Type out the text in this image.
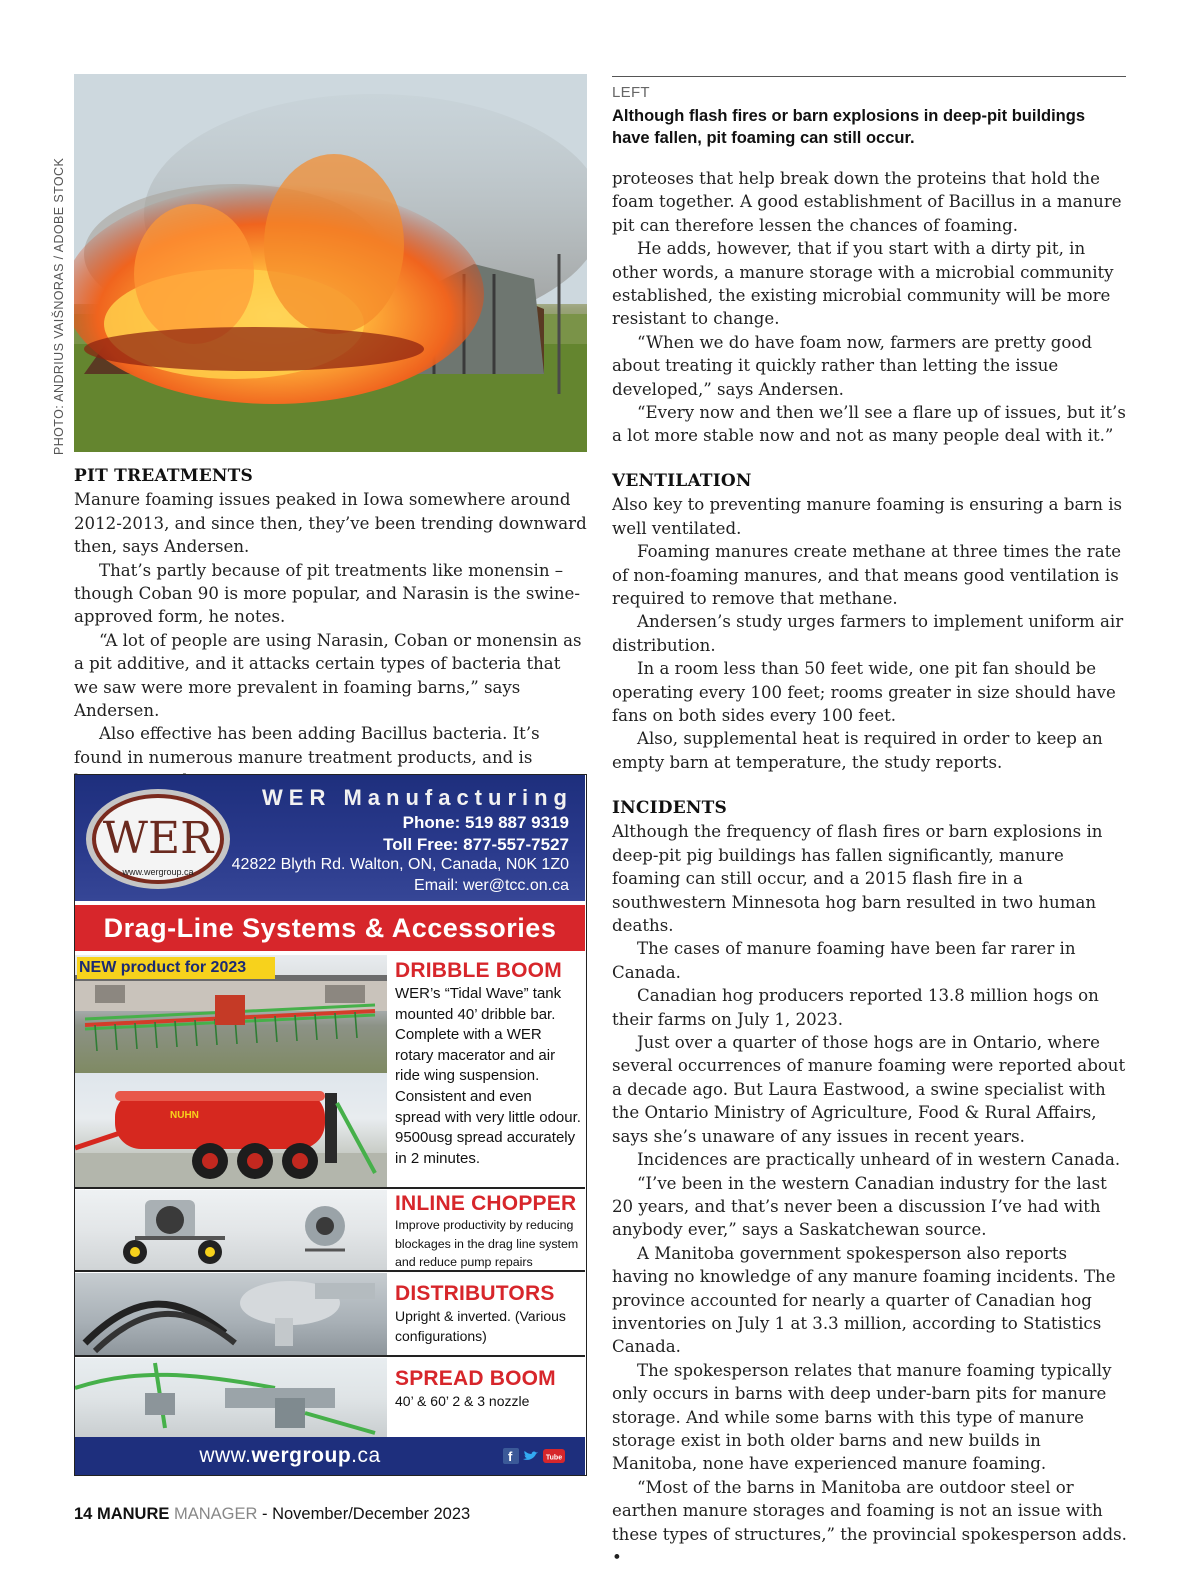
PHOTO: ANDRIUS VAIŠNORAS / ADOBE STOCK
LEFT
Although flash fires or barn explosions in deep-pit buildings have fallen, pit foaming can still occur.
PIT TREATMENTS

Manure foaming issues peaked in Iowa somewhere around 2012-2013, and since then, they’ve been trending downward then, says Andersen.

That’s partly because of pit treatments like monensin – though Coban 90 is more popular, and Narasin is the swine-approved form, he notes.

“A lot of people are using Narasin, Coban or monensin as a pit additive, and it attacks certain types of bacteria that we saw were more prevalent in foaming barns,” says Andersen.

Also effective has been adding Bacillus bacteria. It’s found in numerous manure treatment products, and is

proteoses that help break down the proteins that hold the foam together. A good establishment of Bacillus in a manure pit can therefore lessen the chances of foaming.

He adds, however, that if you start with a dirty pit, in other words, a manure storage with a microbial community established, the existing microbial community will be more resistant to change.

“When we do have foam now, farmers are pretty good about treating it quickly rather than letting the issue developed,” says Andersen.

“Every now and then we’ll see a flare up of issues, but it’s a lot more stable now and not as many people deal with it.”

VENTILATION

Also key to preventing manure foaming is ensuring a barn is well ventilated.

Foaming manures create methane at three times the rate of non-foaming manures, and that means good ventilation is required to remove that methane.

Andersen’s study urges farmers to implement uniform air distribution.

In a room less than 50 feet wide, one pit fan should be operating every 100 feet; rooms greater in size should have fans on both sides every 100 feet.

Also, supplemental heat is required in order to keep an empty barn at temperature, the study reports.

INCIDENTS

Although the frequency of flash fires or barn explosions in deep-pit pig buildings has fallen significantly, manure foaming can still occur, and a 2015 flash fire in a southwestern Minnesota hog barn resulted in two human deaths.

The cases of manure foaming have been far rarer in Canada.

Canadian hog producers reported 13.8 million hogs on their farms on July 1, 2023.

Just over a quarter of those hogs are in Ontario, where several occurrences of manure foaming were reported about a decade ago. But Laura Eastwood, a swine specialist with the Ontario Ministry of Agriculture, Food & Rural Affairs, says she’s unaware of any issues in recent years.

Incidences are practically unheard of in western Canada.

“I’ve been in the western Canadian industry for the last 20 years, and that’s never been a discussion I’ve had with anybody ever,” says a Saskatchewan source.

A Manitoba government spokesperson also reports having no knowledge of any manure foaming incidents. The province accounted for nearly a quarter of Canadian hog inventories on July 1 at 3.3 million, according to Statistics Canada.

The spokesperson relates that manure foaming typically only occurs in barns with deep under-barn pits for manure storage. And while some barns with this type of manure storage exist in both older barns and new builds in Manitoba, none have experienced manure foaming.

“Most of the barns in Manitoba are outdoor steel or earthen manure storages and foaming is not an issue with these types of structures,” the provincial spokesperson adds. •

WER
www.wergroup.ca
WER Manufacturing
Phone: 519 887 9319
Toll Free: 877-557-7527
42822 Blyth Rd. Walton, ON, Canada, N0K 1Z0
Email: wer@tcc.on.ca
Drag-Line Systems & Accessories
NEW product for 2023
NUHN
DRIBBLE BOOM
WER’s “Tidal Wave” tank mounted 40’ dribble bar. Complete with a WER rotary macerator and air ride wing suspension. Consistent and even spread with very little odour. 9500usg spread accurately in 2 minutes.
INLINE CHOPPER
Improve productivity by reducing blockages in the drag line system and reduce pump repairs
DISTRIBUTORS
Upright & inverted. (Various configurations)
SPREAD BOOM
40’ & 60’ 2 & 3 nozzle
www.wergroup.ca	f	Tube
14 MANURE MANAGER - November/December 2023
